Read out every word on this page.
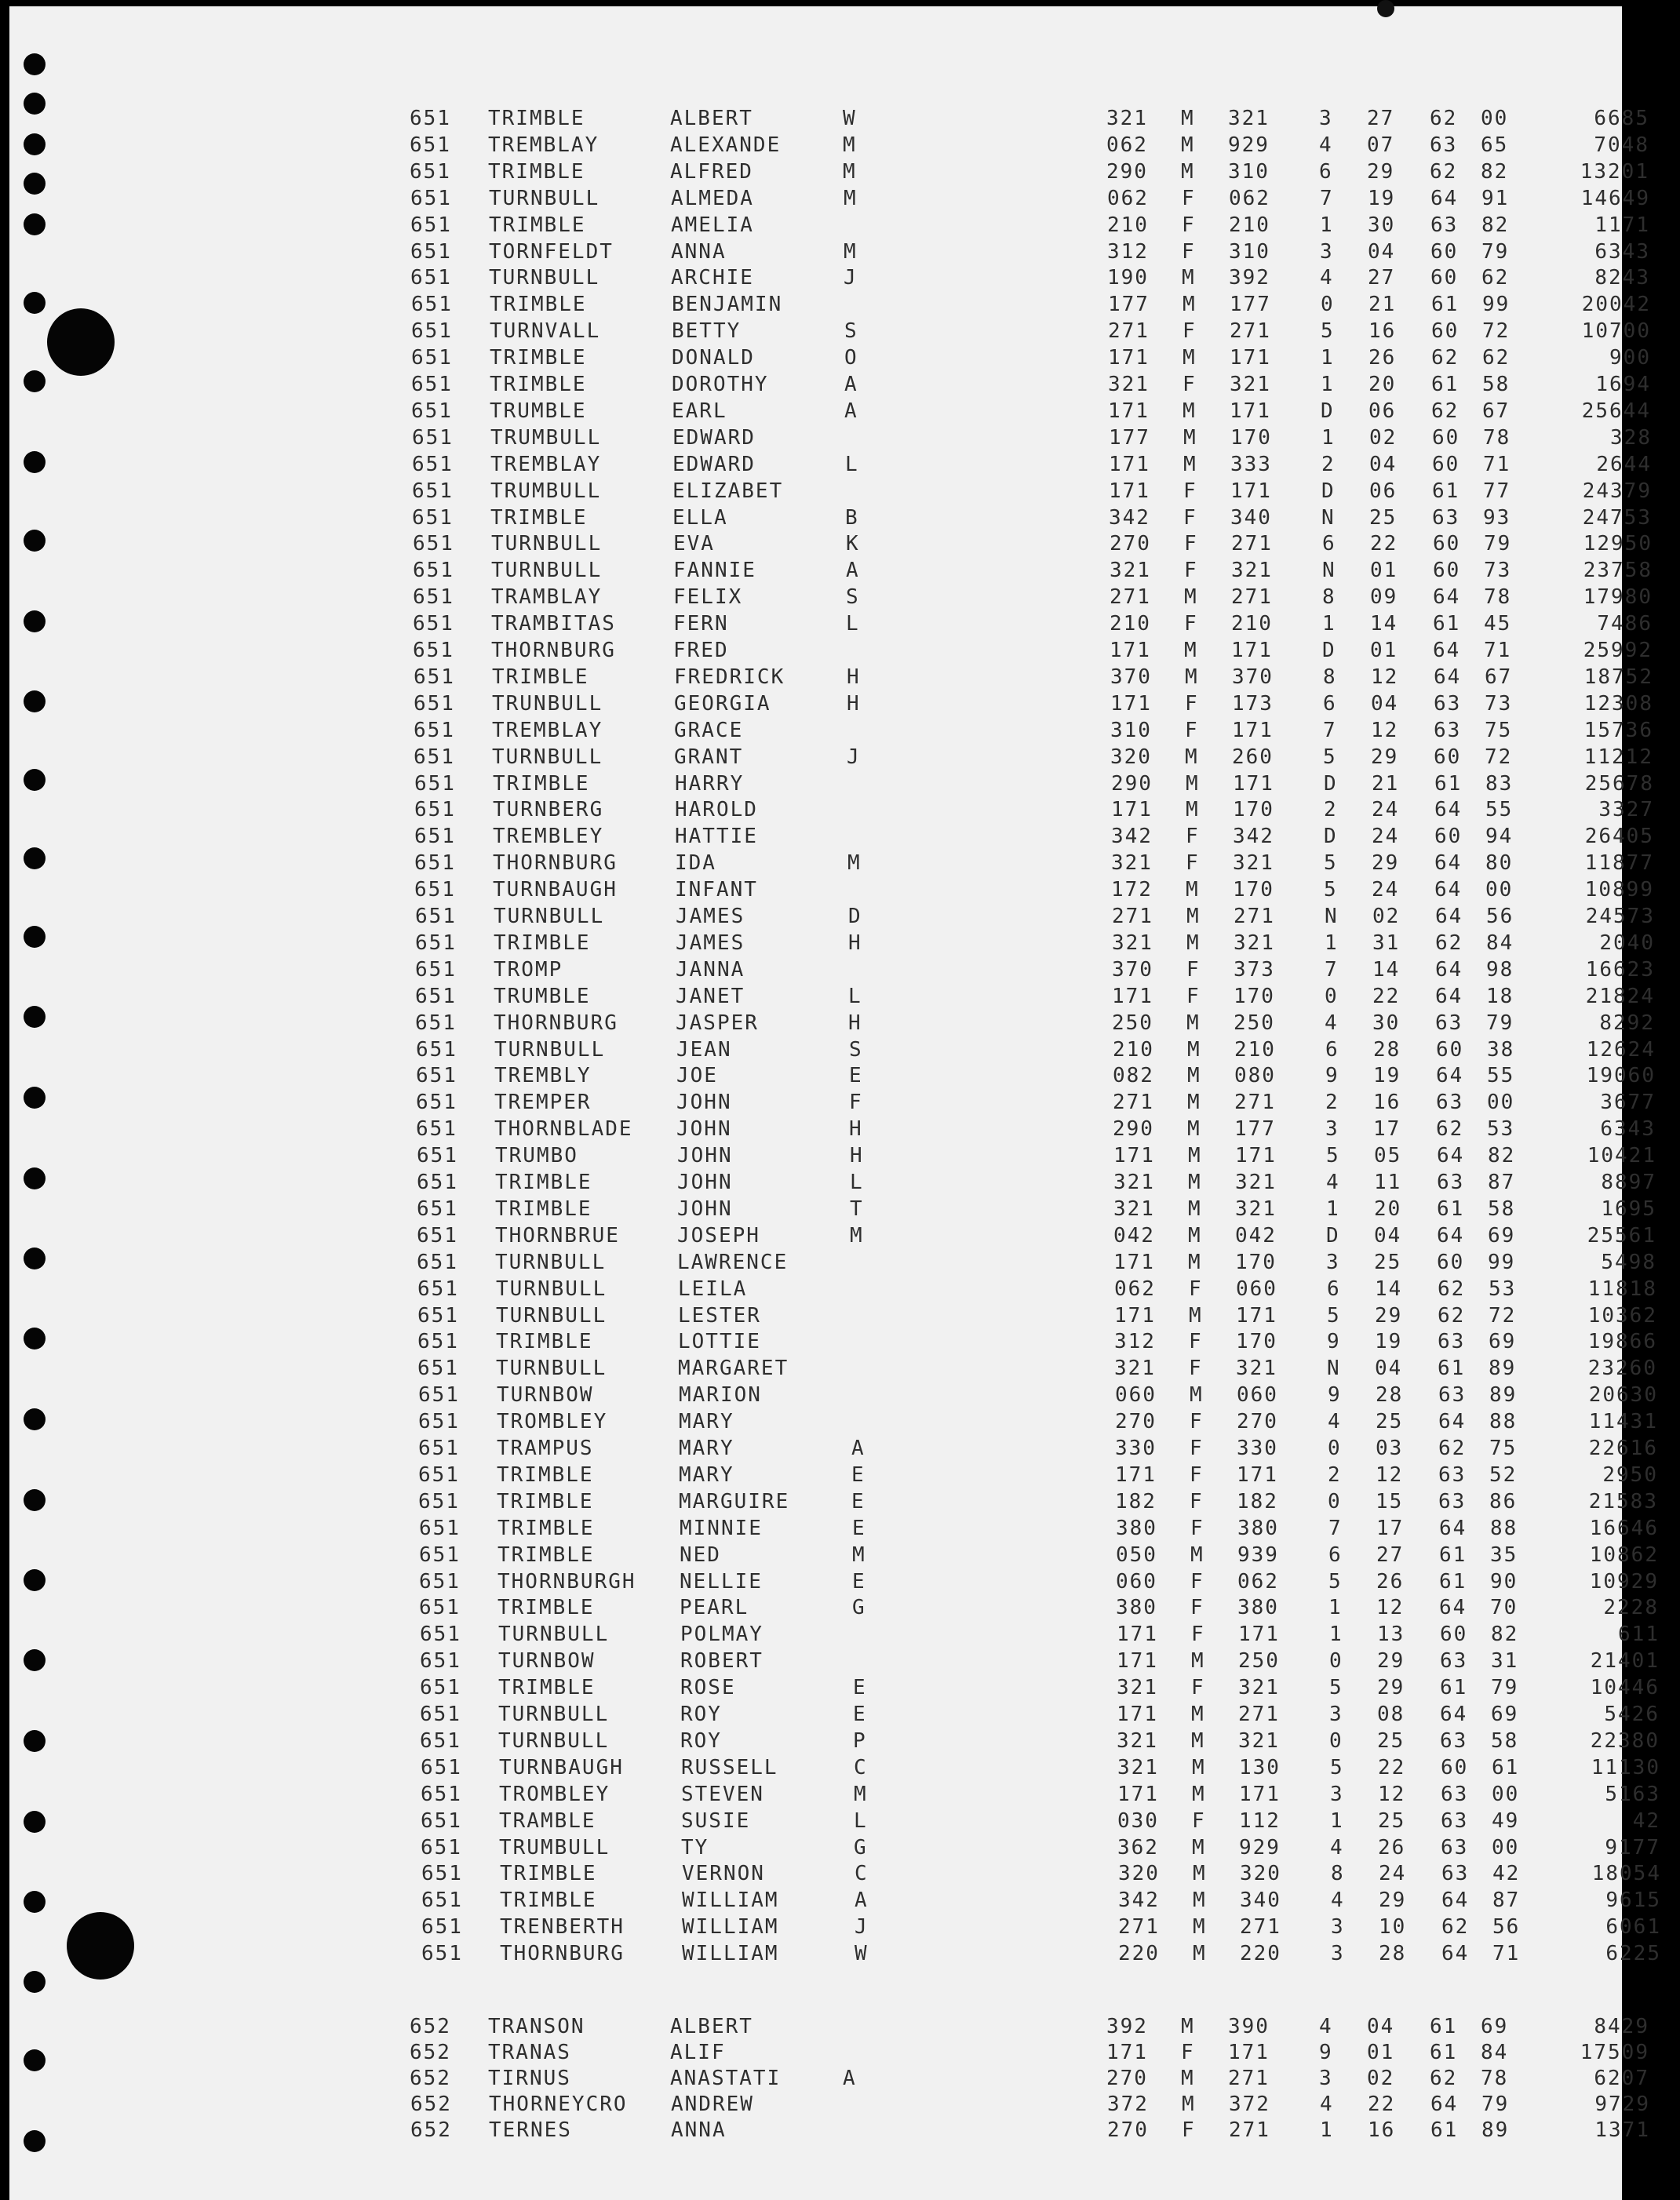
651 TRIMBLE	ALBERT	W	321 M 321 3 27 62 00	6685
651 TREMBLAY	ALEXANDE	M	062 M 929 4 07 63 65	7048
651 TRIMBLE	ALFRED	M	290 M 310 6 29 62 82	13201
651 TURNBULL	ALMEDA	M	062 F 062 7 19 64 91	14649
651 TRIMBLE	AMELIA	210 F 210 1 30 63 82	1171
651 TORNFELDT	ANNA	M	312 F 310 3 04 60 79	6343
651 TURNBULL	ARCHIE	J	190 M 392 4 27 60 62	8243
651 TRIMBLE	BENJAMIN	177 M 177 0 21 61 99	20042
651 TURNVALL	BETTY	S	271 F 271 5 16 60 72	10700
651 TRIMBLE	DONALD	O	171 M 171 1 26 62 62	900
651 TRIMBLE	DOROTHY	A	321 F 321 1 20 61 58	1694
651 TRUMBLE	EARL	A	171 M 171 D 06 62 67	25644
651 TRUMBULL	EDWARD	177 M 170 1 02 60 78	328
651 TREMBLAY	EDWARD	L	171 M 333 2 04 60 71	2644
651 TRUMBULL	ELIZABET	171 F 171 D 06 61 77	24379
651 TRIMBLE	ELLA	B	342 F 340 N 25 63 93	24753
651 TURNBULL	EVA	K	270 F 271 6 22 60 79	12950
651 TURNBULL	FANNIE	A	321 F 321 N 01 60 73	23758
651 TRAMBLAY	FELIX	S	271 M 271 8 09 64 78	17980
651 TRAMBITAS	FERN	L	210 F 210 1 14 61 45	7486
651 THORNBURG	FRED	171 M 171 D 01 64 71	25992
651 TRIMBLE	FREDRICK	H	370 M 370 8 12 64 67	18752
651 TRUNBULL	GEORGIA	H	171 F 173 6 04 63 73	12308
651 TREMBLAY	GRACE	310 F 171 7 12 63 75	15736
651 TURNBULL	GRANT	J	320 M 260 5 29 60 72	11212
651 TRIMBLE	HARRY	290 M 171 D 21 61 83	25678
651 TURNBERG	HAROLD	171 M 170 2 24 64 55	3327
651 TREMBLEY	HATTIE	342 F 342 D 24 60 94	26405
651 THORNBURG	IDA	M	321 F 321 5 29 64 80	11877
651 TURNBAUGH	INFANT	172 M 170 5 24 64 00	10899
651 TURNBULL	JAMES	D	271 M 271 N 02 64 56	24573
651 TRIMBLE	JAMES	H	321 M 321 1 31 62 84	2040
651 TROMP	JANNA	370 F 373 7 14 64 98	16623
651 TRUMBLE	JANET	L	171 F 170 0 22 64 18	21824
651 THORNBURG	JASPER	H	250 M 250 4 30 63 79	8292
651 TURNBULL	JEAN	S	210 M 210 6 28 60 38	12624
651 TREMBLY	JOE	E	082 M 080 9 19 64 55	19060
651 TREMPER	JOHN	F	271 M 271 2 16 63 00	3677
651 THORNBLADE JOHN	H	290 M 177 3 17 62 53	6343
651 TRUMBO	JOHN	H	171 M 171 5 05 64 82	10421
651 TRIMBLE	JOHN	L	321 M 321 4 11 63 87	8897
651 TRIMBLE	JOHN	T	321 M 321 1 20 61 58	1695
651 THORNBRUE	JOSEPH	M	042 M 042 D 04 64 69	25561
651 TURNBULL	LAWRENCE	171 M 170 3 25 60 99	5498
651 TURNBULL	LEILA	062 F 060 6 14 62 53	11818
651 TURNBULL	LESTER	171 M 171 5 29 62 72	10362
651 TRIMBLE	LOTTIE	312 F 170 9 19 63 69	19866
651 TURNBULL	MARGARET	321 F 321 N 04 61 89	23260
651 TURNBOW	MARION	060 M 060 9 28 63 89	20630
651 TROMBLEY	MARY	270 F 270 4 25 64 88	11431
651 TRAMPUS	MARY	A	330 F 330 0 03 62 75	22616
651 TRIMBLE	MARY	E	171 F 171 2 12 63 52	2950
651 TRIMBLE	MARGUIRE	E	182 F 182 0 15 63 86	21583
651 TRIMBLE	MINNIE	E	380 F 380 7 17 64 88	16646
651 TRIMBLE	NED	M	050 M 939 6 27 61 35	10862
651 THORNBURGH NELLIE	E	060 F 062 5 26 61 90	10929
651 TRIMBLE	PEARL	G	380 F 380 1 12 64 70	2228
651 TURNBULL	POLMAY	171 F 171 1 13 60 82	611
651 TURNBOW	ROBERT	171 M 250 0 29 63 31	21401
651 TRIMBLE	ROSE	E	321 F 321 5 29 61 79	10446
651 TURNBULL	ROY	E	171 M 271 3 08 64 69	5426
651 TURNBULL	ROY	P	321 M 321 0 25 63 58	22380
651 TURNBAUGH	RUSSELL	C	321 M 130 5 22 60 61	11130
651 TROMBLEY	STEVEN	M	171 M 171 3 12 63 00	5163
651 TRAMBLE	SUSIE	L	030 F 112 1 25 63 49	42
651 TRUMBULL	TY	G	362 M 929 4 26 63 00	9177
651 TRIMBLE	VERNON	C	320 M 320 8 24 63 42	18054
651 TRIMBLE	WILLIAM	A	342 M 340 4 29 64 87	9615
651 TRENBERTH	WILLIAM	J	271 M 271 3 10 62 56	6061
651 THORNBURG	WILLIAM	W	220 M 220 3 28 64 71	6225
652 TRANSON	ALBERT	392 M 390 4 04 61 69	8429
652 TRANAS	ALIF	171 F 171 9 01 61 84	17509
652 TIRNUS	ANASTATI	A	270 M 271 3 02 62 78	6207
652 THORNEYCRO ANDREW	372 M 372 4 22 64 79	9729
652 TERNES	ANNA	270 F 271 1 16 61 89	1371
